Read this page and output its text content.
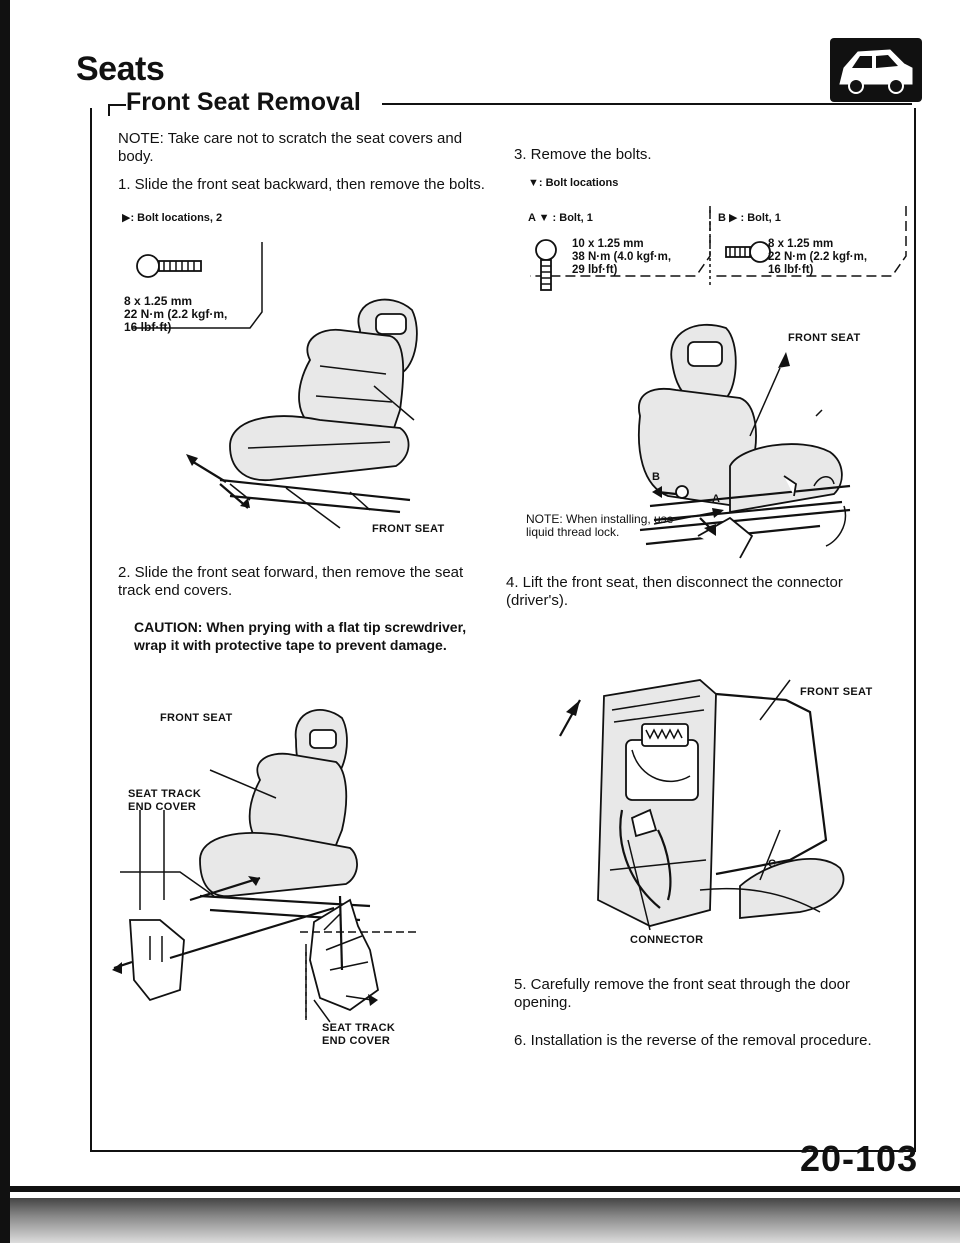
Seats
Front Seat Removal
NOTE: Take care not to scratch the seat covers and body.
1. Slide the front seat backward, then remove the bolts.
▶: Bolt locations, 2
8 x 1.25 mm
22 N·m (2.2 kgf·m,
16 lbf·ft)
FRONT SEAT
2. Slide the front seat forward, then remove the seat track end covers.
CAUTION: When prying with a flat tip screwdriver, wrap it with protective tape to prevent damage.
FRONT SEAT
SEAT TRACK END COVER
SEAT TRACK END COVER
3. Remove the bolts.
▼: Bolt locations
A ▼ : Bolt, 1	B ▶ : Bolt, 1
10 x 1.25 mm
38 N·m (4.0 kgf·m,
29 lbf·ft)
8 x 1.25 mm
22 N·m (2.2 kgf·m,
16 lbf·ft)
FRONT SEAT
A
B
NOTE: When installing, use liquid thread lock.
4. Lift the front seat, then disconnect the connector (driver's).
FRONT SEAT
C
CONNECTOR
5. Carefully remove the front seat through the door opening.
6. Installation is the reverse of the removal procedure.
20-103
